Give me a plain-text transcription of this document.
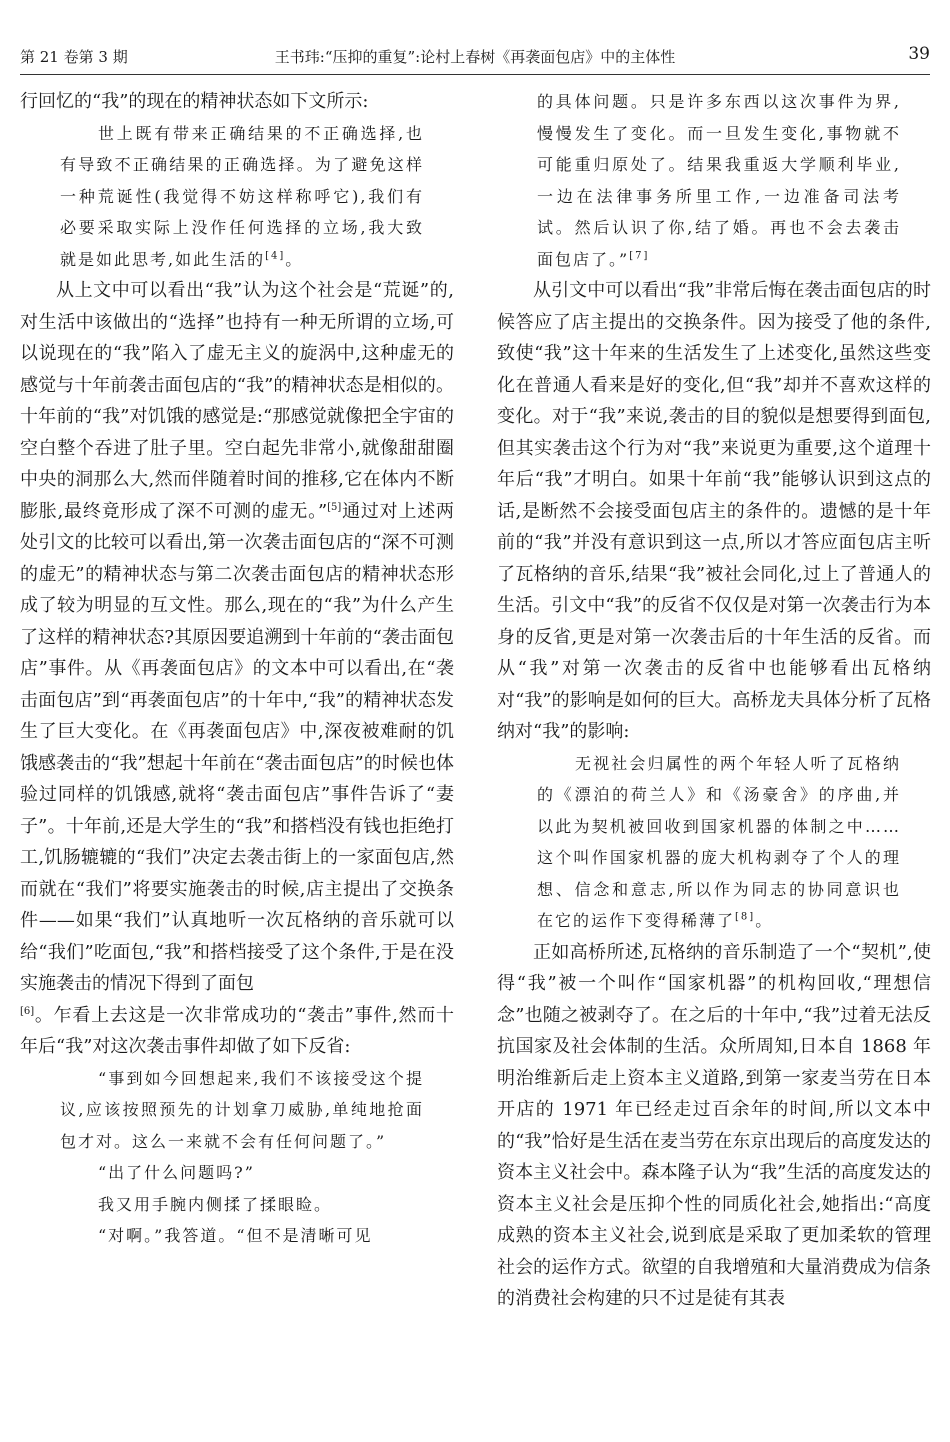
第 21 卷第 3 期	王书玮:“压抑的重复”:论村上春树《再袭面包店》中的主体性	39

行回忆的“我”的现在的精神状态如下文所示:

世上既有带来正确结果的不正确选择,也有导致不正确结果的正确选择。为了避免这样一种荒诞性(我觉得不妨这样称呼它),我们有必要采取实际上没作任何选择的立场,我大致就是如此思考,如此生活的[4]。

从上文中可以看出“我”认为这个社会是“荒诞”的,对生活中该做出的“选择”也持有一种无所谓的立场,可以说现在的“我”陷入了虚无主义的旋涡中,这种虚无的感觉与十年前袭击面包店的“我”的精神状态是相似的。十年前的“我”对饥饿的感觉是:“那感觉就像把全宇宙的空白整个吞进了肚子里。空白起先非常小,就像甜甜圈中央的洞那么大,然而伴随着时间的推移,它在体内不断膨胀,最终竟形成了深不可测的虚无。”[5]通过对上述两处引文的比较可以看出,第一次袭击面包店的“深不可测的虚无”的精神状态与第二次袭击面包店的精神状态形成了较为明显的互文性。那么,现在的“我”为什么产生了这样的精神状态?其原因要追溯到十年前的“袭击面包店”事件。从《再袭面包店》的文本中可以看出,在“袭击面包店”到“再袭面包店”的十年中,“我”的精神状态发生了巨大变化。在《再袭面包店》中,深夜被难耐的饥饿感袭击的“我”想起十年前在“袭击面包店”的时候也体验过同样的饥饿感,就将“袭击面包店”事件告诉了“妻子”。十年前,还是大学生的“我”和搭档没有钱也拒绝打工,饥肠辘辘的“我们”决定去袭击街上的一家面包店,然而就在“我们”将要实施袭击的时候,店主提出了交换条件——如果“我们”认真地听一次瓦格纳的音乐就可以给“我们”吃面包,“我”和搭档接受了这个条件,于是在没实施袭击的情况下得到了面包

[6]。乍看上去这是一次非常成功的“袭击”事件,然而十年后“我”对这次袭击事件却做了如下反省:

“事到如今回想起来,我们不该接受这个提议,应该按照预先的计划拿刀威胁,单纯地抢面包才对。这么一来就不会有任何问题了。”

“出了什么问题吗?”

我又用手腕内侧揉了揉眼睑。

“对啊。”我答道。“但不是清晰可见

的具体问题。只是许多东西以这次事件为界,慢慢发生了变化。而一旦发生变化,事物就不可能重归原处了。结果我重返大学顺利毕业,一边在法律事务所里工作,一边准备司法考试。然后认识了你,结了婚。再也不会去袭击面包店了。”[7]

从引文中可以看出“我”非常后悔在袭击面包店的时候答应了店主提出的交换条件。因为接受了他的条件,致使“我”这十年来的生活发生了上述变化,虽然这些变化在普通人看来是好的变化,但“我”却并不喜欢这样的变化。对于“我”来说,袭击的目的貌似是想要得到面包,但其实袭击这个行为对“我”来说更为重要,这个道理十年后“我”才明白。如果十年前“我”能够认识到这点的话,是断然不会接受面包店主的条件的。遗憾的是十年前的“我”并没有意识到这一点,所以才答应面包店主听了瓦格纳的音乐,结果“我”被社会同化,过上了普通人的生活。引文中“我”的反省不仅仅是对第一次袭击行为本身的反省,更是对第一次袭击后的十年生活的反省。而从“我”对第一次袭击的反省中也能够看出瓦格纳对“我”的影响是如何的巨大。高桥龙夫具体分析了瓦格纳对“我”的影响:

无视社会归属性的两个年轻人听了瓦格纳的《漂泊的荷兰人》和《汤豪舍》的序曲,并以此为契机被回收到国家机器的体制之中……这个叫作国家机器的庞大机构剥夺了个人的理想、信念和意志,所以作为同志的协同意识也在它的运作下变得稀薄了[8]。

正如高桥所述,瓦格纳的音乐制造了一个“契机”,使得“我”被一个叫作“国家机器”的机构回收,“理想信念”也随之被剥夺了。在之后的十年中,“我”过着无法反抗国家及社会体制的生活。众所周知,日本自 1868 年明治维新后走上资本主义道路,到第一家麦当劳在日本开店的 1971 年已经走过百余年的时间,所以文本中的“我”恰好是生活在麦当劳在东京出现后的高度发达的资本主义社会中。森本隆子认为“我”生活的高度发达的资本主义社会是压抑个性的同质化社会,她指出:“高度成熟的资本主义社会,说到底是采取了更加柔软的管理社会的运作方式。欲望的自我增殖和大量消费成为信条的消费社会构建的只不过是徒有其表
